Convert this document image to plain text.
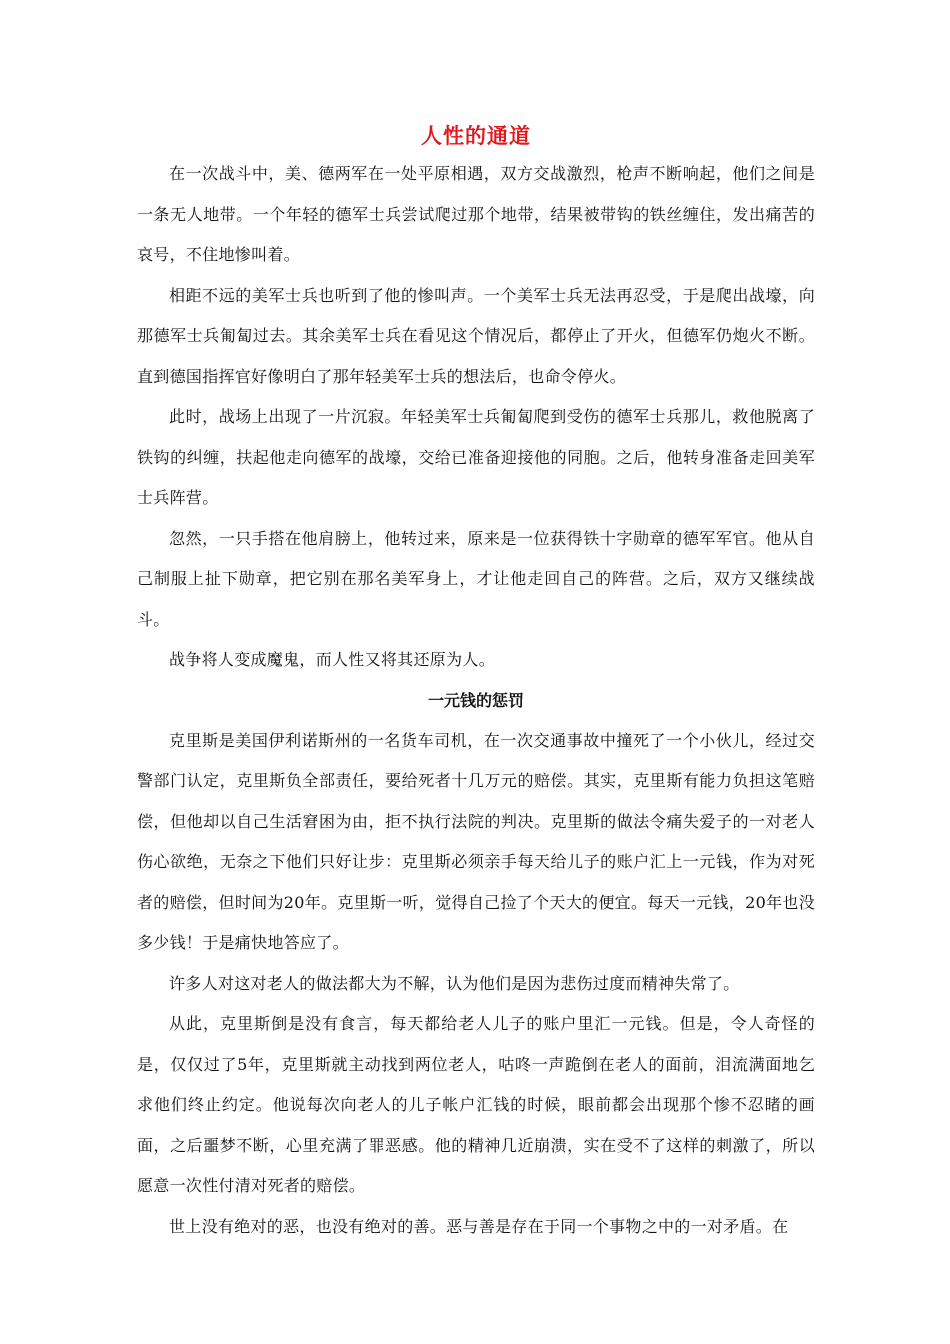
人性的通道

在一次战斗中，美、德两军在一处平原相遇，双方交战激烈，枪声不断响起，他们之间是一条无人地带。一个年轻的德军士兵尝试爬过那个地带，结果被带钩的铁丝缠住，发出痛苦的哀号，不住地惨叫着。

相距不远的美军士兵也听到了他的惨叫声。一个美军士兵无法再忍受，于是爬出战壕，向那德军士兵匍匐过去。其余美军士兵在看见这个情况后，都停止了开火，但德军仍炮火不断。直到德国指挥官好像明白了那年轻美军士兵的想法后，也命令停火。

此时，战场上出现了一片沉寂。年轻美军士兵匍匐爬到受伤的德军士兵那儿，救他脱离了铁钩的纠缠，扶起他走向德军的战壕，交给已准备迎接他的同胞。之后，他转身准备走回美军士兵阵营。

忽然，一只手搭在他肩膀上，他转过来，原来是一位获得铁十字勋章的德军军官。他从自己制服上扯下勋章，把它别在那名美军身上，才让他走回自己的阵营。之后，双方又继续战斗。

战争将人变成魔鬼，而人性又将其还原为人。

一元钱的惩罚

克里斯是美国伊利诺斯州的一名货车司机，在一次交通事故中撞死了一个小伙儿，经过交警部门认定，克里斯负全部责任，要给死者十几万元的赔偿。其实，克里斯有能力负担这笔赔偿，但他却以自己生活窘困为由，拒不执行法院的判决。克里斯的做法令痛失爱子的一对老人伤心欲绝，无奈之下他们只好让步：克里斯必须亲手每天给儿子的账户汇上一元钱，作为对死者的赔偿，但时间为20年。克里斯一听，觉得自己捡了个天大的便宜。每天一元钱，20年也没多少钱！于是痛快地答应了。

许多人对这对老人的做法都大为不解，认为他们是因为悲伤过度而精神失常了。

从此，克里斯倒是没有食言，每天都给老人儿子的账户里汇一元钱。但是，令人奇怪的是，仅仅过了5年，克里斯就主动找到两位老人，咕咚一声跪倒在老人的面前，泪流满面地乞求他们终止约定。他说每次向老人的儿子帐户汇钱的时候，眼前都会出现那个惨不忍睹的画面，之后噩梦不断，心里充满了罪恶感。他的精神几近崩溃，实在受不了这样的刺激了，所以愿意一次性付清对死者的赔偿。

世上没有绝对的恶，也没有绝对的善。恶与善是存在于同一个事物之中的一对矛盾。在
